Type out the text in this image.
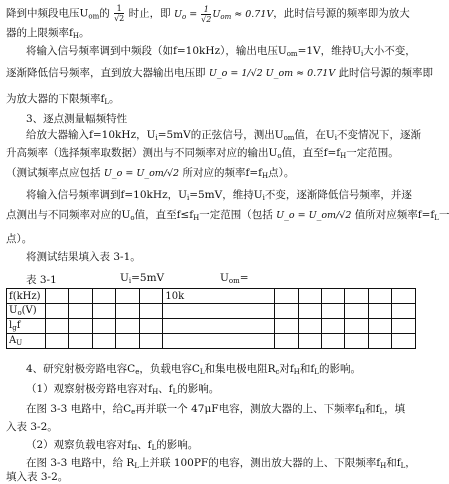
降到中频段电压$U_{om}$的 $\frac{1}{√2}$ 时止，即 $U_o = \frac{1}{√2} U_{om} \approx 0.71V$，此时信号源的频率即为放大
器的上限频率$f_H$。
将输入信号频率调到中频段（如f=10kHz），输出电压$U_{om}=1V$，维持$U_i$大小不变，
逐渐降低信号频率，直到放大器输出电压即 U_o = 1/√2 U_om ≈ 0.71V 此时信号源的频率即
为放大器的下限频率$f_L$。
3、逐点测量幅频特性
给放大器输入f=10kHz，$U_i=5mV$的正弦信号，测出$U_{om}$值，在$U_i$不变情况下，逐渐
升高频率（选择频率取数据）测出与不同频率对应的输出$U_o$值，直至$f=f_H$一定范围。
（测试频率点应包括 U_o = U_om/√2 所对应的频率$f=f_H$点）。
将输入信号频率调到f=10kHz，$U_i=5mV$，维持$U_i$不变，逐渐降低信号频率，并逐
点测出与不同频率对应的$U_o$值，直至$f\le f_H$一定范围（包括 U_o = U_om/√2 值所对应频率$f=f_L$一
点）。
将测试结果填入表 3-1。
表 3-1	$U_i=5mV$	$U_{om}=$
f(kHz)						10k						
$U_o(V)$												
$l_gf$												
$A_U$												
4、研究射极旁路电容$C_e$，负载电容$C_L$和集电极电阻$R_c$对$f_H$和$f_L$的影响。
（1）观察射极旁路电容对$f_H$、$f_L$的影响。
在图 3-3 电路中，给$C_e$再并联一个 47μF电容，测放大器的上、下频率$f_H$和$f_L$，填
入表 3-2。
（2）观察负载电容对$f_H$、$f_L$的影响。
在图 3-3 电路中，给 $R_L$上并联 100PF的电容，测出放大器的上、下限频率$f_H$和$f_L$，
填入表 3-2。
